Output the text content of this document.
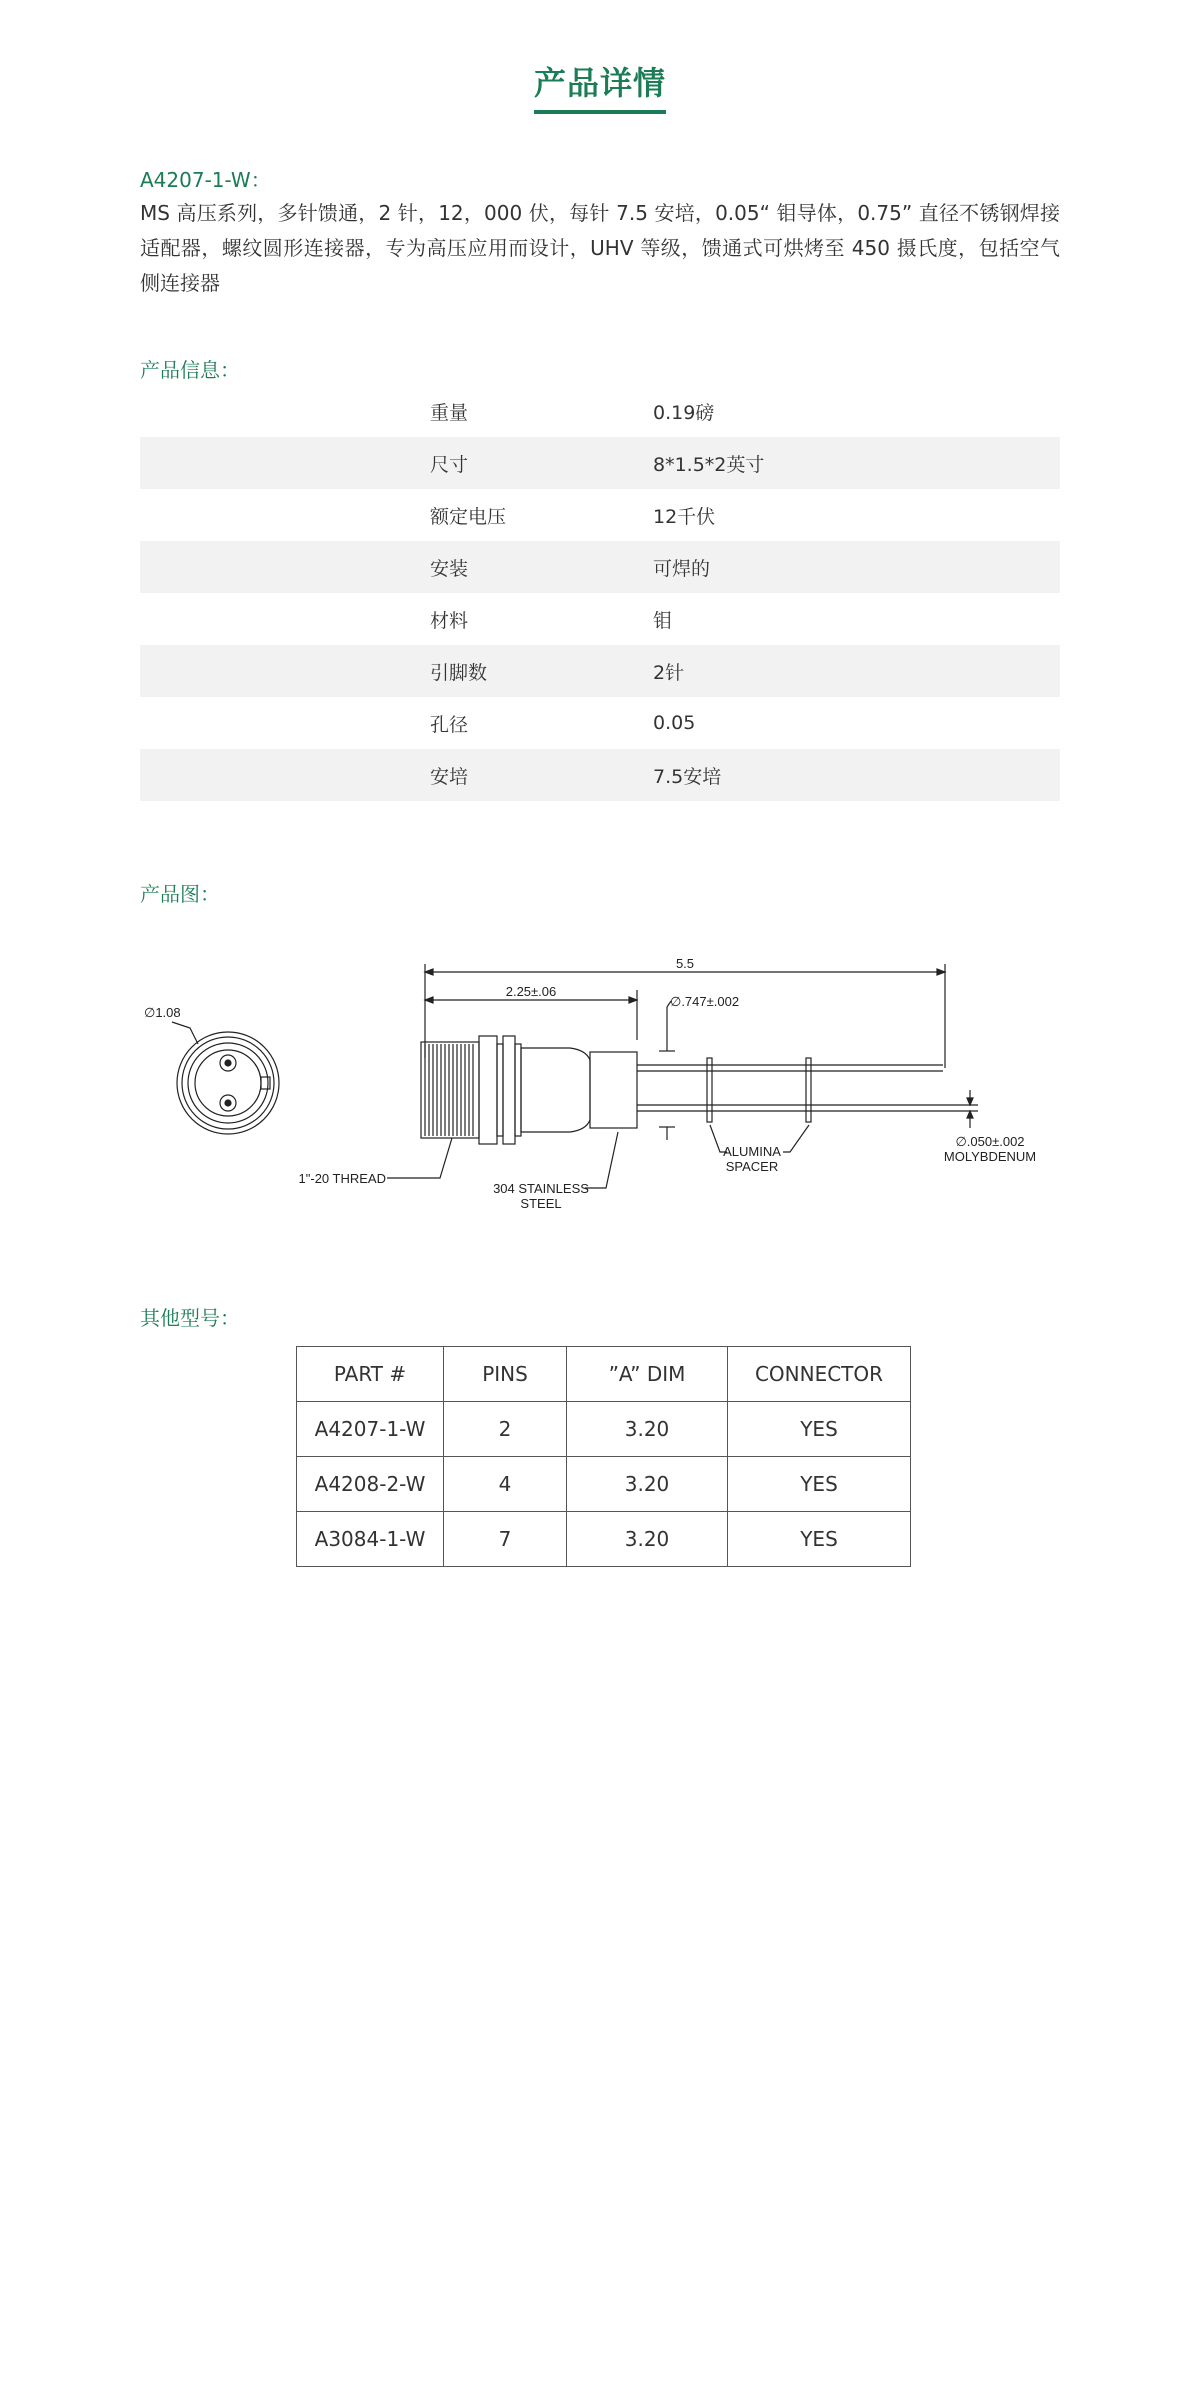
产品详情
A4207-1-W：
MS 高压系列，多针馈通，2 针，12，000 伏，每针 7.5 安培，0.05“ 钼导体，0.75” 直径不锈钢焊接适配器，螺纹圆形连接器，专为高压应用而设计，UHV 等级，馈通式可烘烤至 450 摄氏度，包括空气侧连接器
产品信息：
重量	0.19磅
尺寸	8*1.5*2英寸
额定电压	12千伏
安装	可焊的
材料	钼
引脚数	2针
孔径	0.05
安培	7.5安培
产品图：
∅1.08
∅.747±.002
5.5
2.25±.06
ALUMINA
SPACER
∅.050±.002
MOLYBDENUM
1"-20 THREAD
304 STAINLESS
STEEL
其他型号：
PART #	PINS	”A” DIM	CONNECTOR
A4207-1-W	2	3.20	YES
A4208-2-W	4	3.20	YES
A3084-1-W	7	3.20	YES
